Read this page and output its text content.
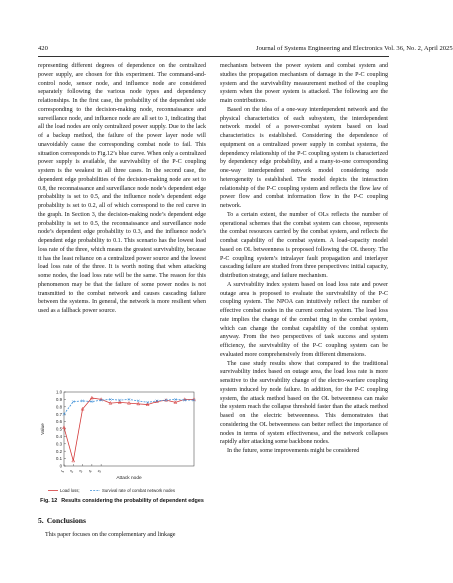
420	Journal of Systems Engineering and Electronics Vol. 36, No. 2, April 2025

representing different degrees of dependence on the centralized power supply, are chosen for this experiment. The command-and-control node, sensor node, and influence node are considered separately following the various node types and dependency relationships. In the first case, the probability of the dependent side corresponding to the decision-making node, reconnaissance and surveillance node, and influence node are all set to 1, indicating that all the load nodes are only centralized power supply. Due to the lack of a backup method, the failure of the power layer node will unavoidably cause the corresponding combat node to fail. This situation corresponds to Fig.12’s blue curve. When only a centralized power supply is available, the survivability of the P-C coupling system is the weakest in all three cases. In the second case, the dependent edge probabilities of the decision-making node are set to 0.8, the reconnaissance and surveillance node node’s dependent edge probability is set to 0.5, and the influence node’s dependent edge probability is set to 0.2, all of which correspond to the red curve in the graph. In Section 3, the decision-making node’s dependent edge probability is set to 0.5, the reconnaissance and surveillance node node’s dependent edge probability to 0.3, and the influence node’s dependent edge probability to 0.1. This scenario has the lowest load loss rate of the three, which means the greatest survivability, because it has the least reliance on a centralized power source and the lowest load loss rate of the three. It is worth noting that when attacking some nodes, the load loss rate will be the same. The reason for this phenomenon may be that the failure of some power nodes is not transmitted to the combat network and causes cascading failure between the systems. In general, the network is more resilient when used as a fallback power source.

0
0.1
0.2
0.3
0.4
0.5
0.6
0.7
0.8
0.9
1.0
Value
1 2 3 4 5
Attack node
Load loss;	Survival rate of combat network nodes
Fig. 12 Results considering the probability of dependent edges
5. Conclusions

This paper focuses on the complementary and linkage

mechanism between the power system and combat system and studies the propagation mechanism of damage in the P-C coupling system and the survivability measurement method of the coupling system when the power system is attacked. The following are the main contributions.

Based on the idea of a one-way interdependent network and the physical characteristics of each subsystem, the interdependent network model of a power-combat system based on load characteristics is established. Considering the dependence of equipment on a centralized power supply in combat systems, the dependency relationship of the P-C coupling system is characterized by dependency edge probability, and a many-to-one corresponding one-way interdependent network model considering node heterogeneity is established. The model depicts the interaction relationship of the P-C coupling system and reflects the flow law of power flow and combat information flow in the P-C coupling network.

To a certain extent, the number of OLs reflects the number of operational schemes that the combat system can choose, represents the combat resources carried by the combat system, and reflects the combat capability of the combat system. A load-capacity model based on OL betweenness is proposed following the OL theory. The P-C coupling system’s intralayer fault propagation and interlayer cascading failure are studied from three perspectives: initial capacity, distribution strategy, and failure mechanism.

A survivability index system based on load loss rate and power outage area is proposed to evaluate the survivability of the P-C coupling system. The NPOA can intuitively reflect the number of effective combat nodes in the current combat system. The load loss rate implies the change of the combat ring in the combat system, which can change the combat capability of the combat system anyway. From the two perspectives of task success and system efficiency, the survivability of the P-C coupling system can be evaluated more comprehensively from different dimensions.

The case study results show that compared to the traditional survivability index based on outage area, the load loss rate is more sensitive to the survivability change of the electro-warfare coupling system induced by node failure. In addition, for the P-C coupling system, the attack method based on the OL betweenness can make the system reach the collapse threshold faster than the attack method based on the electric betweenness. This demonstrates that considering the OL betweenness can better reflect the importance of nodes in terms of system effectiveness, and the network collapses rapidly after attacking some backbone nodes.

In the future, some improvements might be considered
